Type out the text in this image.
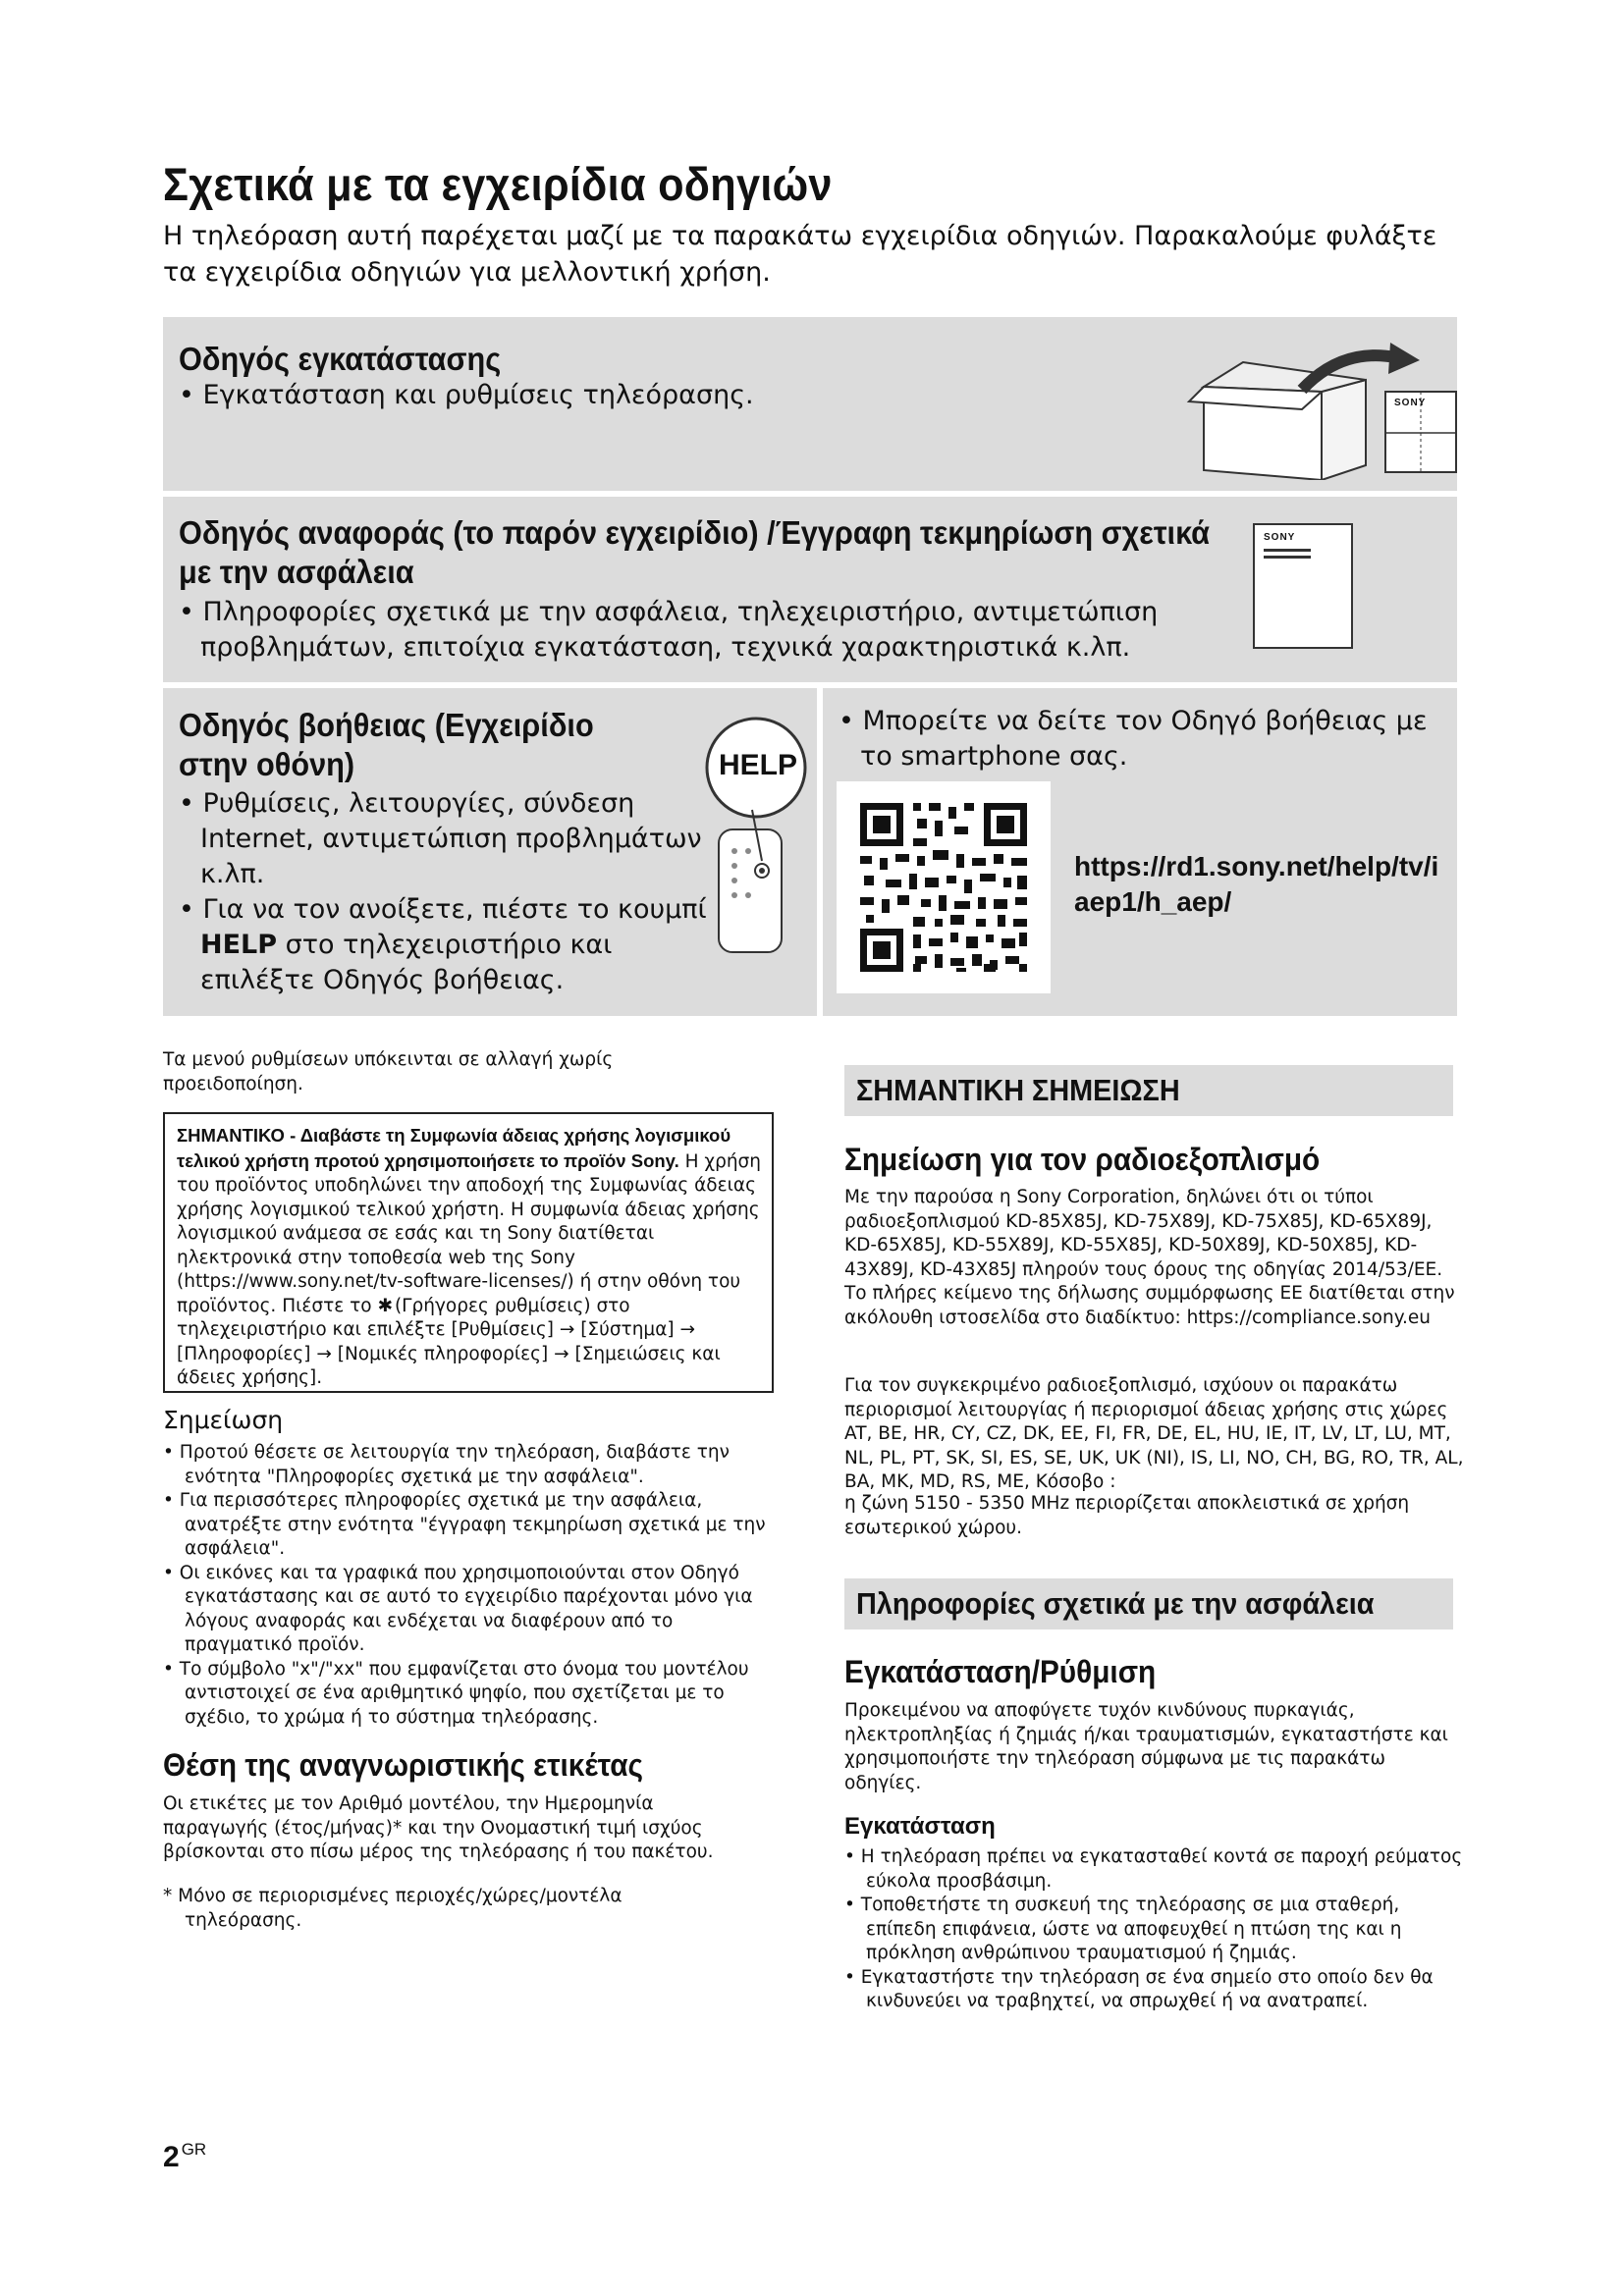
Σχετικά με τα εγχειρίδια οδηγιών

Η τηλεόραση αυτή παρέχεται μαζί με τα παρακάτω εγχειρίδια οδηγιών. Παρακαλούμε φυλάξτε τα εγχειρίδια οδηγιών για μελλοντική χρήση.

Οδηγός εγκατάστασης

• Εγκατάσταση και ρυθμίσεις τηλεόρασης.	SONY
Οδηγός αναφοράς (το παρόν εγχειρίδιο) /Έγγραφη τεκμηρίωση σχετικά με την ασφάλεια

• Πληροφορίες σχετικά με την ασφάλεια, τηλεχειριστήριο, αντιμετώπιση προβλημάτων, επιτοίχια εγκατάσταση, τεχνικά χαρακτηριστικά κ.λπ.

SONY
Οδηγός βοήθειας (Εγχειρίδιο στην οθόνη)
• Ρυθμίσεις, λειτουργίες, σύνδεση Internet, αντιμετώπιση προβλημάτων κ.λπ.
• Για να τον ανοίξετε, πιέστε το κουμπί HELP στο τηλεχειριστήριο και επιλέξτε Οδηγός βοήθειας.
HELP

• Μπορείτε να δείτε τον Οδηγό βοήθειας με το smartphone σας.

https://rd1.sony.net/help/tv/iaep1/h_aep/

Τα μενού ρυθμίσεων υπόκεινται σε αλλαγή χωρίς προειδοποίηση.

ΣΗΜΑΝΤΙΚΟ - Διαβάστε τη Συμφωνία άδειας χρήσης λογισμικού τελικού χρήστη προτού χρησιμοποιήσετε το προϊόν Sony. Η χρήση του προϊόντος υποδηλώνει την αποδοχή της Συμφωνίας άδειας χρήσης λογισμικού τελικού χρήστη. Η συμφωνία άδειας χρήσης λογισμικού ανάμεσα σε εσάς και τη Sony διατίθεται ηλεκτρονικά στην τοποθεσία web της Sony (https://www.sony.net/tv-software-licenses/) ή στην οθόνη του προϊόντος. Πιέστε το ✱ (Γρήγορες ρυθμίσεις) στο τηλεχειριστήριο και επιλέξτε [Ρυθμίσεις] → [Σύστημα] → [Πληροφορίες] → [Νομικές πληροφορίες] → [Σημειώσεις και άδειες χρήσης].
Σημείωση
• Προτού θέσετε σε λειτουργία την τηλεόραση, διαβάστε την ενότητα "Πληροφορίες σχετικά με την ασφάλεια".
• Για περισσότερες πληροφορίες σχετικά με την ασφάλεια, ανατρέξτε στην ενότητα "έγγραφη τεκμηρίωση σχετικά με την ασφάλεια".
• Οι εικόνες και τα γραφικά που χρησιμοποιούνται στον Οδηγό εγκατάστασης και σε αυτό το εγχειρίδιο παρέχονται μόνο για λόγους αναφοράς και ενδέχεται να διαφέρουν από το πραγματικό προϊόν.
• Το σύμβολο "x"/"xx" που εμφανίζεται στο όνομα του μοντέλου αντιστοιχεί σε ένα αριθμητικό ψηφίο, που σχετίζεται με το σχέδιο, το χρώμα ή το σύστημα τηλεόρασης.
Θέση της αναγνωριστικής ετικέτας

Οι ετικέτες με τον Αριθμό μοντέλου, την Ημερομηνία παραγωγής (έτος/μήνας)* και την Ονομαστική τιμή ισχύος βρίσκονται στο πίσω μέρος της τηλεόρασης ή του πακέτου.

* Μόνο σε περιορισμένες περιοχές/χώρες/μοντέλα τηλεόρασης.

ΣΗΜΑΝΤΙΚΗ ΣΗΜΕΙΩΣΗ
Σημείωση για τον ραδιοεξοπλισμό

Με την παρούσα η Sony Corporation, δηλώνει ότι οι τύποι ραδιοεξοπλισμού KD-85X85J, KD-75X89J, KD-75X85J, KD-65X89J, KD-65X85J, KD-55X89J, KD-55X85J, KD-50X89J, KD-50X85J, KD-43X89J, KD-43X85J πληρούν τους όρους της οδηγίας 2014/53/ΕΕ. Το πλήρες κείμενο της δήλωσης συμμόρφωσης ΕΕ διατίθεται στην ακόλουθη ιστοσελίδα στο διαδίκτυο: https://compliance.sony.eu

Για τον συγκεκριμένο ραδιοεξοπλισμό, ισχύουν οι παρακάτω περιορισμοί λειτουργίας ή περιορισμοί άδειας χρήσης στις χώρες AT, BE, HR, CY, CZ, DK, EE, FI, FR, DE, EL, HU, IE, IT, LV, LT, LU, MT, NL, PL, PT, SK, SI, ES, SE, UK, UK (NI), IS, LI, NO, CH, BG, RO, TR, AL, BA, MK, MD, RS, ME, Κόσοβο :

η ζώνη 5150 - 5350 MHz περιορίζεται αποκλειστικά σε χρήση εσωτερικού χώρου.

Πληροφορίες σχετικά με την ασφάλεια
Εγκατάσταση/Ρύθμιση

Προκειμένου να αποφύγετε τυχόν κινδύνους πυρκαγιάς, ηλεκτροπληξίας ή ζημιάς ή/και τραυματισμών, εγκαταστήστε και χρησιμοποιήστε την τηλεόραση σύμφωνα με τις παρακάτω οδηγίες.

Εγκατάσταση
• Η τηλεόραση πρέπει να εγκατασταθεί κοντά σε παροχή ρεύματος εύκολα προσβάσιμη.
• Τοποθετήστε τη συσκευή της τηλεόρασης σε μια σταθερή, επίπεδη επιφάνεια, ώστε να αποφευχθεί η πτώση της και η πρόκληση ανθρώπινου τραυματισμού ή ζημιάς.
• Εγκαταστήστε την τηλεόραση σε ένα σημείο στο οποίο δεν θα κινδυνεύει να τραβηχτεί, να σπρωχθεί ή να ανατραπεί.
2 $^{GR}$
